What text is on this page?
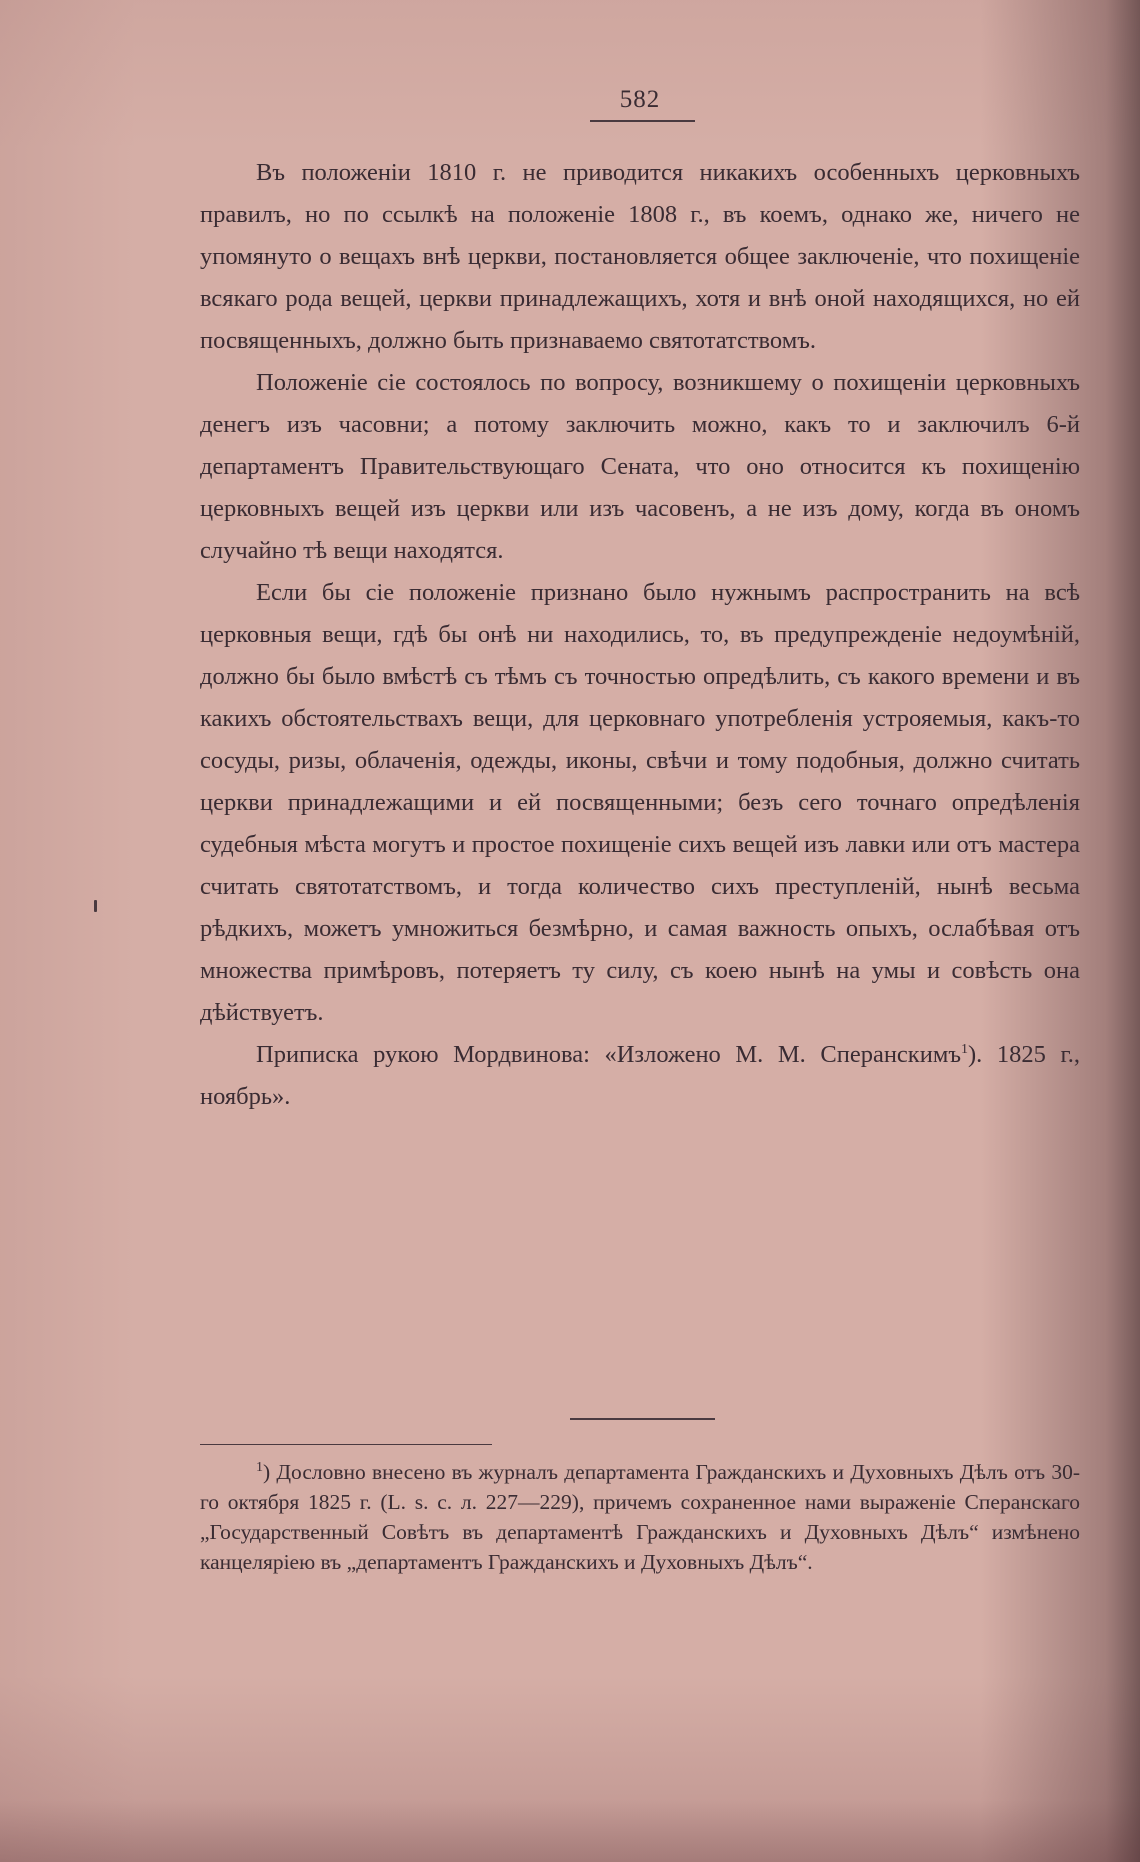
582

Въ положеніи 1810 г. не приводится никакихъ особенныхъ церковныхъ правилъ, но по ссылкѣ на положеніе 1808 г., въ коемъ, однако же, ничего не упомянуто о вещахъ внѣ церкви, постановляется общее заключеніе, что похищеніе всякаго рода вещей, церкви принадлежащихъ, хотя и внѣ оной находящихся, но ей посвященныхъ, должно быть признаваемо святотатствомъ.

Положеніе сіе состоялось по вопросу, возникшему о похищеніи церковныхъ денегъ изъ часовни; а потому заключить можно, какъ то и заключилъ 6-й департаментъ Правительствующаго Сената, что оно относится къ похищенію церковныхъ вещей изъ церкви или изъ часовенъ, а не изъ дому, когда въ ономъ случайно тѣ вещи находятся.

Если бы сіе положеніе признано было нужнымъ распространить на всѣ церковныя вещи, гдѣ бы онѣ ни находились, то, въ предупрежденіе недоумѣній, должно бы было вмѣстѣ съ тѣмъ съ точностью опредѣлить, съ какого времени и въ какихъ обстоятельствахъ вещи, для церковнаго употребленія устрояемыя, какъ-то сосуды, ризы, облаченія, одежды, иконы, свѣчи и тому подобныя, должно считать церкви принадлежащими и ей посвященными; безъ сего точнаго опредѣленія судебныя мѣста могутъ и простое похищеніе сихъ вещей изъ лавки или отъ мастера считать святотатствомъ, и тогда количество сихъ преступленій, нынѣ весьма рѣдкихъ, можетъ умножиться безмѣрно, и самая важность опыхъ, ослабѣвая отъ множества примѣровъ, потеряетъ ту силу, съ коею нынѣ на умы и совѣсть она дѣйствуетъ.

Приписка рукою Мордвинова: «Изложено М. М. Сперанскимъ$^1$). 1825 г., ноябрь».

$^1$) Дословно внесено въ журналъ департамента Гражданскихъ и Духовныхъ Дѣлъ отъ 30-го октября 1825 г. (L. s. c. л. 227—229), причемъ сохраненное нами выраженіе Сперанскаго „Государственный Совѣтъ въ департаментѣ Гражданскихъ и Духовныхъ Дѣлъ“ измѣнено канцеляріею въ „департаментъ Гражданскихъ и Духовныхъ Дѣлъ“.
